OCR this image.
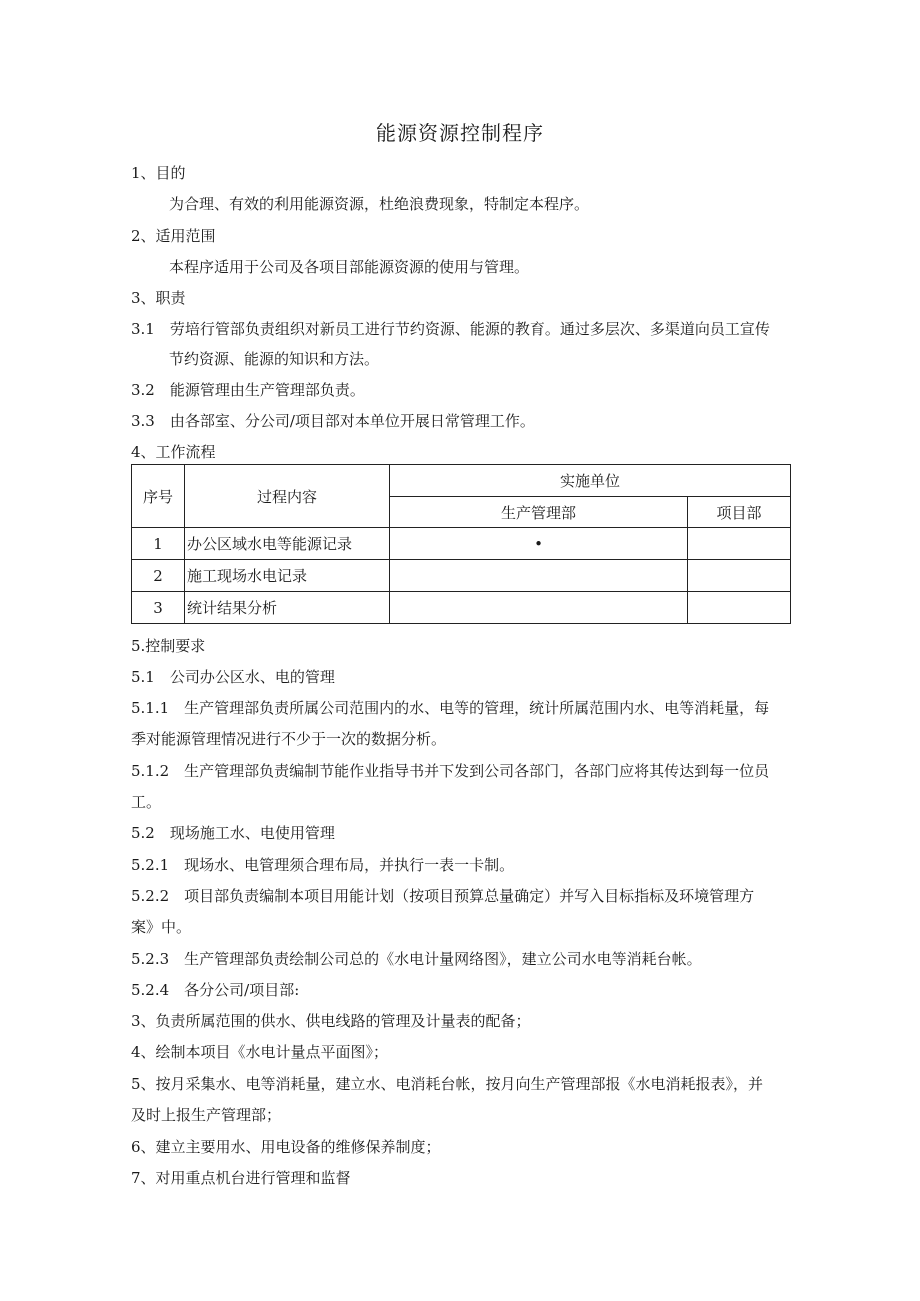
能源资源控制程序
1、目的
为合理、有效的利用能源资源，杜绝浪费现象，特制定本程序。
2、适用范围
本程序适用于公司及各项目部能源资源的使用与管理。
3、职责
3.1　劳培行管部负责组织对新员工进行节约资源、能源的教育。通过多层次、多渠道向员工宣传
节约资源、能源的知识和方法。
3.2　能源管理由生产管理部负责。
3.3　由各部室、分公司/项目部对本单位开展日常管理工作。
4、工作流程
序号	过程内容	实施单位	
		生产管理部	项目部
1	办公区域水电等能源记录	•	
2	施工现场水电记录		
3	统计结果分析		
5.控制要求
5.1　公司办公区水、电的管理
5.1.1　生产管理部负责所属公司范围内的水、电等的管理，统计所属范围内水、电等消耗量，每
季对能源管理情况进行不少于一次的数据分析。
5.1.2　生产管理部负责编制节能作业指导书并下发到公司各部门，各部门应将其传达到每一位员
工。
5.2　现场施工水、电使用管理
5.2.1　现场水、电管理须合理布局，并执行一表一卡制。
5.2.2　项目部负责编制本项目用能计划（按项目预算总量确定）并写入目标指标及环境管理方
案》中。
5.2.3　生产管理部负责绘制公司总的《水电计量网络图》，建立公司水电等消耗台帐。
5.2.4　各分公司/项目部:
3、负责所属范围的供水、供电线路的管理及计量表的配备；
4、绘制本项目《水电计量点平面图》；
5、按月采集水、电等消耗量，建立水、电消耗台帐，按月向生产管理部报《水电消耗报表》，并
及时上报生产管理部；
6、建立主要用水、用电设备的维修保养制度；
7、对用重点机台进行管理和监督
